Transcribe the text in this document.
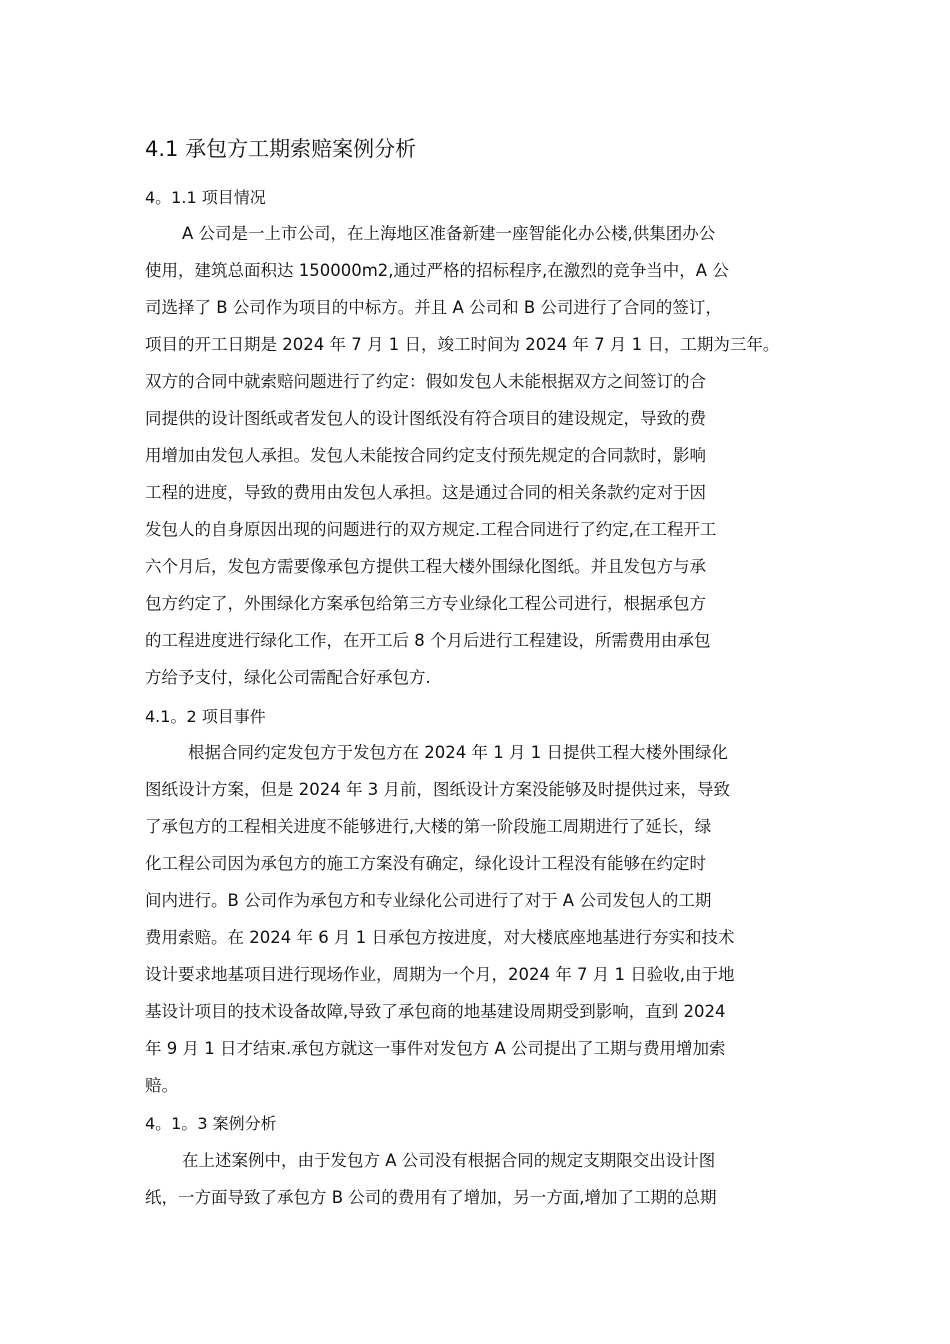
4.1 承包方工期索赔案例分析
4。1.1 项目情况
A 公司是一上市公司，在上海地区准备新建一座智能化办公楼,供集团办公
使用，建筑总面积达 150000m2,通过严格的招标程序,在激烈的竞争当中，A 公
司选择了 B 公司作为项目的中标方。并且 A 公司和 B 公司进行了合同的签订，
项目的开工日期是 2024 年 7 月 1 日，竣工时间为 2024 年 7 月 1 日，工期为三年。
双方的合同中就索赔问题进行了约定：假如发包人未能根据双方之间签订的合
同提供的设计图纸或者发包人的设计图纸没有符合项目的建设规定，导致的费
用增加由发包人承担。发包人未能按合同约定支付预先规定的合同款时，影响
工程的进度，导致的费用由发包人承担。这是通过合同的相关条款约定对于因
发包人的自身原因出现的问题进行的双方规定.工程合同进行了约定,在工程开工
六个月后，发包方需要像承包方提供工程大楼外围绿化图纸。并且发包方与承
包方约定了，外围绿化方案承包给第三方专业绿化工程公司进行，根据承包方
的工程进度进行绿化工作，在开工后 8 个月后进行工程建设，所需费用由承包
方给予支付，绿化公司需配合好承包方.
4.1。2 项目事件
根据合同约定发包方于发包方在 2024 年 1 月 1 日提供工程大楼外围绿化
图纸设计方案，但是 2024 年 3 月前，图纸设计方案没能够及时提供过来，导致
了承包方的工程相关进度不能够进行,大楼的第一阶段施工周期进行了延长，绿
化工程公司因为承包方的施工方案没有确定，绿化设计工程没有能够在约定时
间内进行。B 公司作为承包方和专业绿化公司进行了对于 A 公司发包人的工期
费用索赔。在 2024 年 6 月 1 日承包方按进度，对大楼底座地基进行夯实和技术
设计要求地基项目进行现场作业，周期为一个月，2024 年 7 月 1 日验收,由于地
基设计项目的技术设备故障,导致了承包商的地基建设周期受到影响，直到 2024
年 9 月 1 日才结束.承包方就这一事件对发包方 A 公司提出了工期与费用增加索
赔。
4。1。3 案例分析
在上述案例中，由于发包方 A 公司没有根据合同的规定支期限交出设计图
纸，一方面导致了承包方 B 公司的费用有了增加，另一方面,增加了工期的总期
